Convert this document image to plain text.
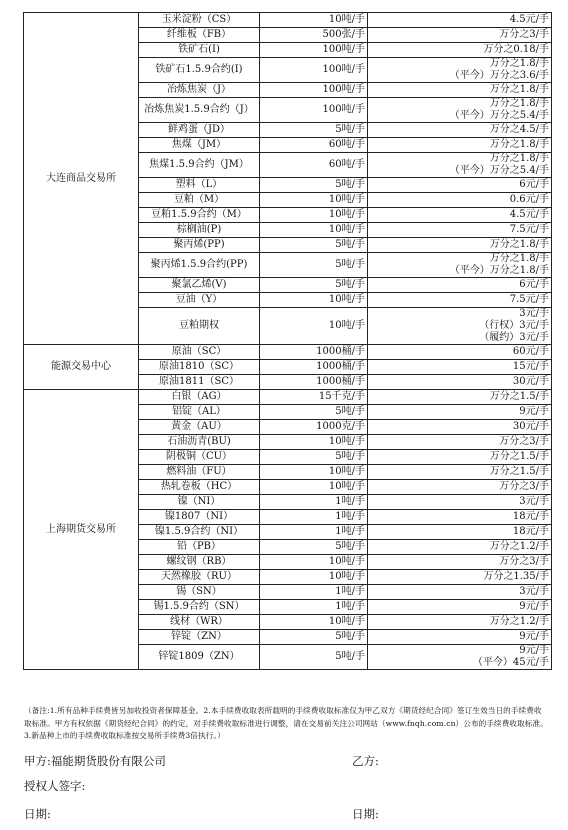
大连商品交易所	玉米淀粉（CS）	10吨/手	4.5元/手

	纤维板（FB）	500张/手	万分之3/手

	铁矿石(I)	100吨/手	万分之0.18/手

	铁矿石1.5.9合约(I)	100吨/手	万分之1.8/手
（平今）万分之3.6/手

	冶炼焦炭（J）	100吨/手	万分之1.8/手

	冶炼焦炭1.5.9合约（J）	100吨/手	万分之1.8/手
（平今）万分之5.4/手

	鲜鸡蛋（JD）	5吨/手	万分之4.5/手

	焦煤（JM）	60吨/手	万分之1.8/手

	焦煤1.5.9合约（JM）	60吨/手	万分之1.8/手
（平今）万分之5.4/手

	塑料（L）	5吨/手	6元/手

	豆粕（M）	10吨/手	0.6元/手

	豆粕1.5.9合约（M）	10吨/手	4.5元/手

	棕榈油(P)	10吨/手	7.5元/手

	聚丙烯(PP)	5吨/手	万分之1.8/手

	聚丙烯1.5.9合约(PP)	5吨/手	万分之1.8/手
（平今）万分之1.8/手

	聚氯乙烯(V)	5吨/手	6元/手

	豆油（Y）	10吨/手	7.5元/手

	豆粕期权	10吨/手	3元/手
（行权）3元/手
（履约）3元/手

能源交易中心	原油（SC）	1000桶/手	60元/手

	原油1810（SC）	1000桶/手	15元/手

	原油1811（SC）	1000桶/手	30元/手

上海期货交易所	白银（AG）	15千克/手	万分之1.5/手

	铝锭（AL）	5吨/手	9元/手

	黄金（AU）	1000克/手	30元/手

	石油沥青(BU)	10吨/手	万分之3/手

	阴极铜（CU）	5吨/手	万分之1.5/手

	燃料油（FU）	10吨/手	万分之1.5/手

	热轧卷板（HC）	10吨/手	万分之3/手

	镍（NI）	1吨/手	3元/手

	镍1807（NI）	1吨/手	18元/手

	镍1.5.9合约（NI）	1吨/手	18元/手

	铅（PB）	5吨/手	万分之1.2/手

	螺纹钢（RB）	10吨/手	万分之3/手

	天然橡胶（RU）	10吨/手	万分之1.35/手

	锡（SN）	1吨/手	3元/手

	锡1.5.9合约（SN）	1吨/手	9元/手

	线材（WR）	10吨/手	万分之1.2/手

	锌锭（ZN）	5吨/手	9元/手

	锌锭1809（ZN）	5吨/手	9元/手
（平今）45元/手
（备注:1.所有品种手续费皆另加收投资者保障基金。2.本手续费收取表所载明的手续费收取标准仅为甲乙双方《期货经纪合同》签订生效当日的手续费收取标准。甲方有权依据《期货经纪合同》的约定，对手续费收取标准进行调整，请在交易前关注公司网站（www.fnqh.com.cn）公布的手续费收取标准。3.新品种上市的手续费收取标准按交易所手续费3倍执行。）
甲方:福能期货股份有限公司	乙方:
授权人签字:
日期:	日期:
